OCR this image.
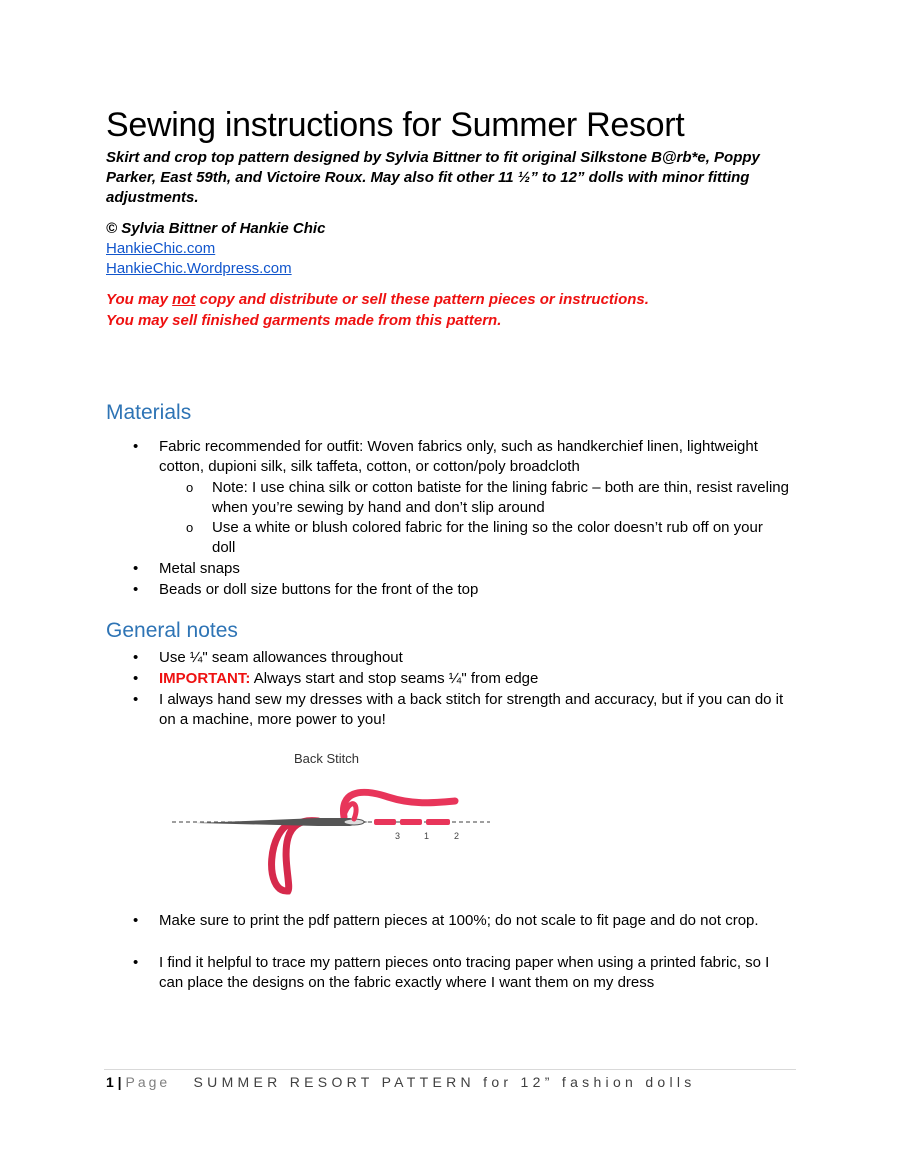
Sewing instructions for Summer Resort

Skirt and crop top pattern designed by Sylvia Bittner to fit original Silkstone B@rb*e, Poppy Parker, East 59th, and Victoire Roux. May also fit other 11 ½” to 12” dolls with minor fitting adjustments.

© Sylvia Bittner of Hankie Chic

HankieChic.com
HankieChic.Wordpress.com

You may not copy and distribute or sell these pattern pieces or instructions.

You may sell finished garments made from this pattern.

Materials
• Fabric recommended for outfit: Woven fabrics only, such as handkerchief linen, lightweight cotton, dupioni silk, silk taffeta, cotton, or cotton/poly broadcloth
o Note: I use china silk or cotton batiste for the lining fabric – both are thin, resist raveling when you’re sewing by hand and don’t slip around
o Use a white or blush colored fabric for the lining so the color doesn’t rub off on your doll
• Metal snaps
• Beads or doll size buttons for the front of the top
General notes
• Use ¼" seam allowances throughout
• IMPORTANT: Always start and stop seams ¼" from edge
• I always hand sew my dresses with a back stitch for strength and accuracy, but if you can do it on a machine, more power to you!
Back Stitch
3	1	2
• Make sure to print the pdf pattern pieces at 100%; do not scale to fit page and do not crop.
• I find it helpful to trace my pattern pieces onto tracing paper when using a printed fabric, so I can place the designs on the fabric exactly where I want them on my dress
1 | Page SUMMER RESORT PATTERN for 12” fashion dolls
